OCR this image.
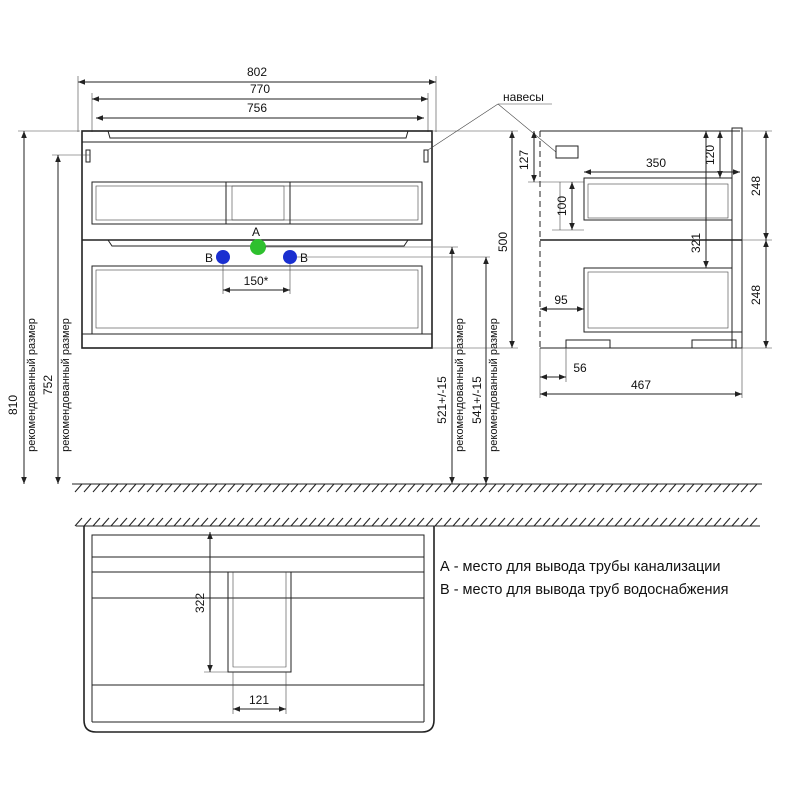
802
770
756
A
B	B
150*
810 рекомендованный размер 752 рекомендованный размер	521+/-15 рекомендованный размер 541+/-15 рекомендованный размер
500
навесы
127	350	120
248
248
100
321
95
56
467
322
121
А - место для вывода трубы канализации
В - место для вывода труб водоснабжения
